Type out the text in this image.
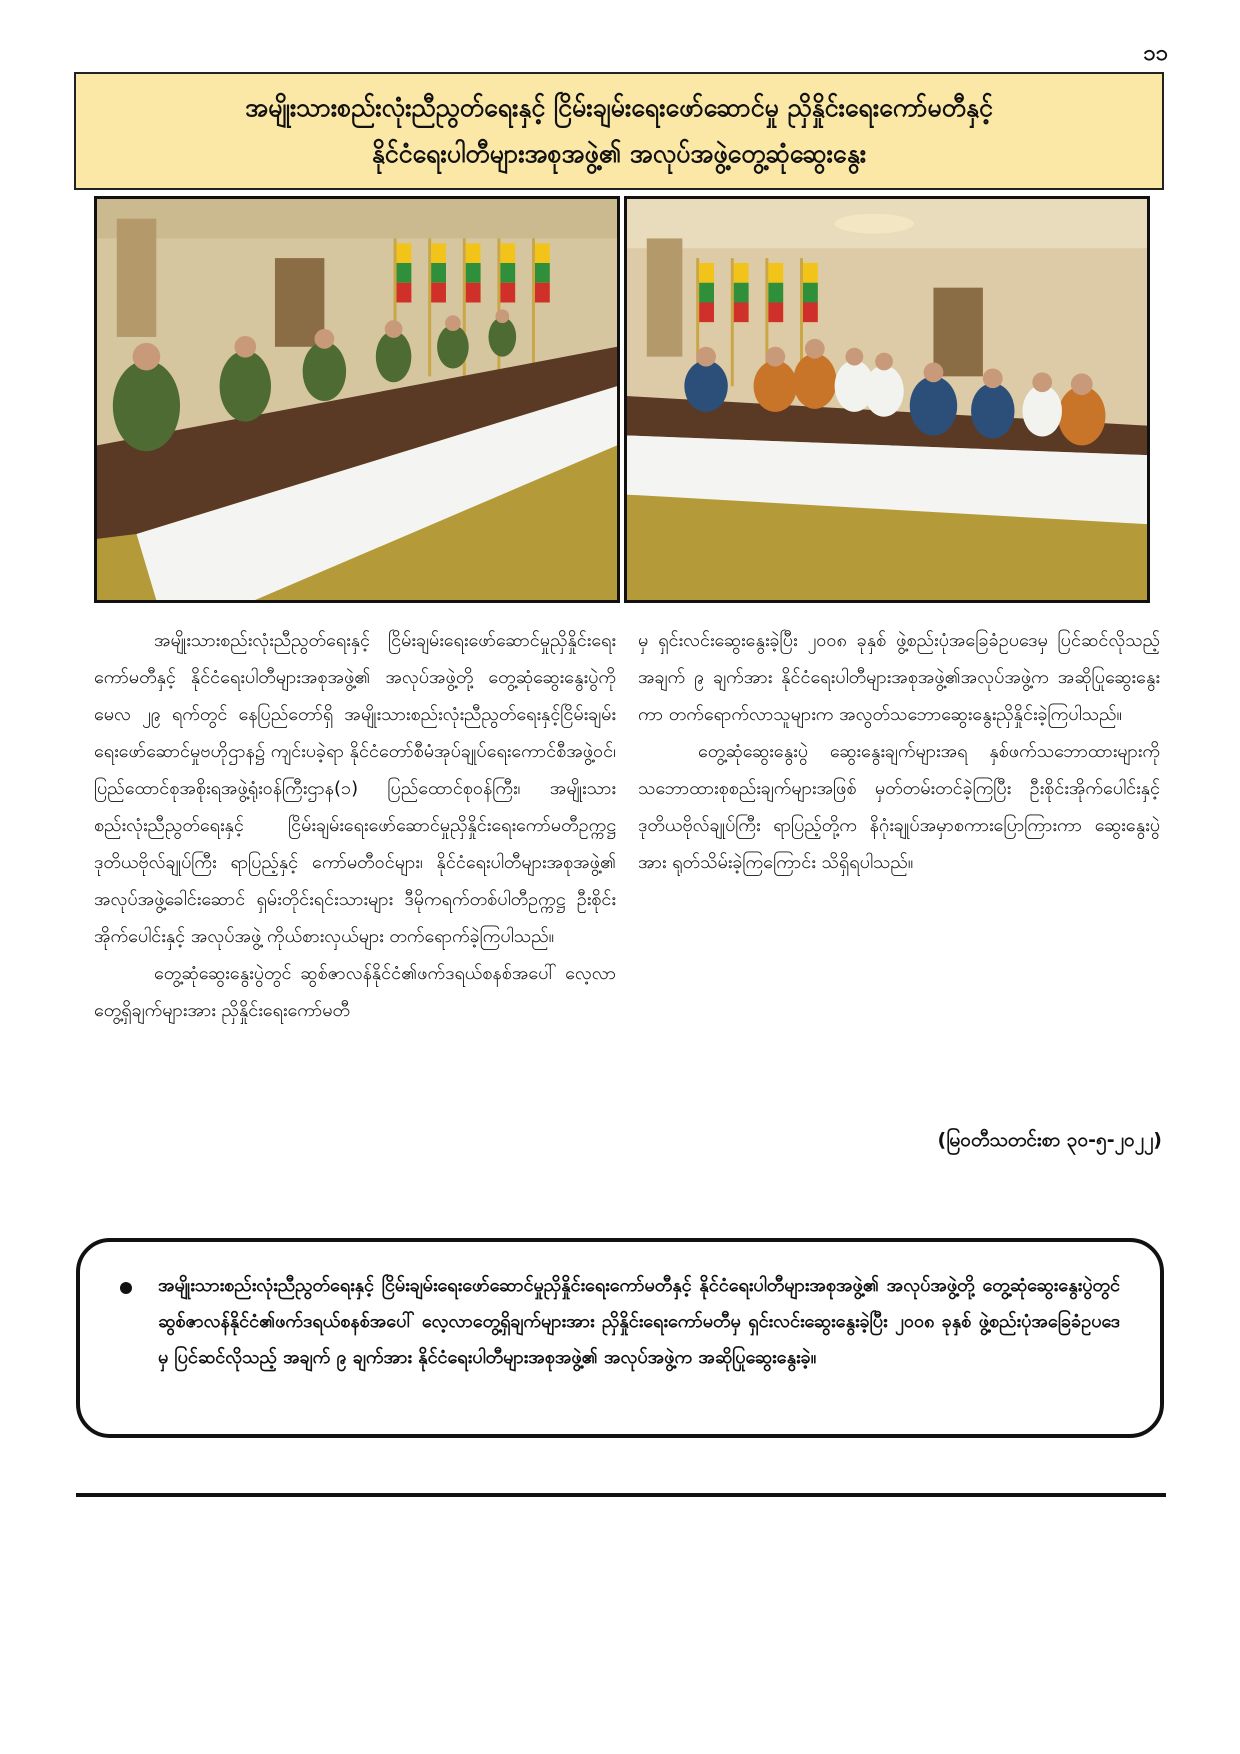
၁၁
အမျိုးသားစည်းလုံးညီညွတ်ရေးနှင့် ငြိမ်းချမ်းရေးဖော်ဆောင်မှု ညှိနှိုင်းရေးကော်မတီနှင့်
နိုင်ငံရေးပါတီများအစုအဖွဲ့၏ အလုပ်အဖွဲ့တွေ့ဆုံဆွေးနွေး

အမျိုးသားစည်းလုံးညီညွတ်ရေးနှင့် ငြိမ်းချမ်းရေးဖော်ဆောင်မှုညှိနှိုင်းရေးကော်မတီနှင့် နိုင်ငံရေးပါတီများအစုအဖွဲ့၏ အလုပ်အဖွဲ့တို့ တွေ့ဆုံဆွေးနွေးပွဲကို မေလ ၂၉ ရက်တွင် နေပြည်တော်ရှိ အမျိုးသားစည်းလုံးညီညွတ်ရေးနှင့်ငြိမ်းချမ်းရေးဖော်ဆောင်မှုဗဟိုဌာန၌ ကျင်းပခဲ့ရာ နိုင်ငံတော်စီမံအုပ်ချုပ်ရေးကောင်စီအဖွဲ့ဝင်၊ ပြည်ထောင်စုအစိုးရအဖွဲ့ရုံးဝန်ကြီးဌာန(၁) ပြည်ထောင်စုဝန်ကြီး၊ အမျိုးသားစည်းလုံးညီညွတ်ရေးနှင့် ငြိမ်းချမ်းရေးဖော်ဆောင်မှုညှိနှိုင်းရေးကော်မတီဥက္ကဋ္ဌ ဒုတိယဗိုလ်ချုပ်ကြီး ရာပြည့်နှင့် ကော်မတီဝင်များ၊ နိုင်ငံရေးပါတီများအစုအဖွဲ့၏ အလုပ်အဖွဲ့ခေါင်းဆောင် ရှမ်းတိုင်းရင်းသားများ ဒီမိုကရက်တစ်ပါတီဥက္ကဋ္ဌ ဦးစိုင်းအိုက်ပေါင်းနှင့် အလုပ်အဖွဲ့ ကိုယ်စားလှယ်များ တက်ရောက်ခဲ့ကြပါသည်။

တွေ့ဆုံဆွေးနွေးပွဲတွင် ဆွစ်ဇာလန်နိုင်ငံ၏ဖက်ဒရယ်စနစ်အပေါ် လေ့လာတွေ့ရှိချက်များအား ညှိနှိုင်းရေးကော်မတီ

မှ ရှင်းလင်းဆွေးနွေးခဲ့ပြီး ၂၀၀၈ ခုနှစ် ဖွဲ့စည်းပုံအခြေခံဥပဒေမှ ပြင်ဆင်လိုသည့် အချက် ၉ ချက်အား နိုင်ငံရေးပါတီများအစုအဖွဲ့၏အလုပ်အဖွဲ့က အဆိုပြုဆွေးနွေးကာ တက်ရောက်လာသူများက အလွတ်သဘောဆွေးနွေးညှိနှိုင်းခဲ့ကြပါသည်။

တွေ့ဆုံဆွေးနွေးပွဲ ဆွေးနွေးချက်များအရ နှစ်ဖက်သဘောထားများကို သဘောထားစုစည်းချက်များအဖြစ် မှတ်တမ်းတင်ခဲ့ကြပြီး ဦးစိုင်းအိုက်ပေါင်းနှင့် ဒုတိယဗိုလ်ချုပ်ကြီး ရာပြည့်တို့က နိဂုံးချုပ်အမှာစကားပြောကြားကာ ဆွေးနွေးပွဲအား ရုတ်သိမ်းခဲ့ကြကြောင်း သိရှိရပါသည်။

(မြဝတီသတင်းစာ ၃၀-၅-၂၀၂၂)
အမျိုးသားစည်းလုံးညီညွတ်ရေးနှင့် ငြိမ်းချမ်းရေးဖော်ဆောင်မှုညှိနှိုင်းရေးကော်မတီနှင့် နိုင်ငံရေးပါတီများအစုအဖွဲ့၏ အလုပ်အဖွဲ့တို့ တွေ့ဆုံဆွေးနွေးပွဲတွင် ဆွစ်ဇာလန်နိုင်ငံ၏ဖက်ဒရယ်စနစ်အပေါ် လေ့လာတွေ့ရှိချက်များအား ညှိနှိုင်းရေးကော်မတီမှ ရှင်းလင်းဆွေးနွေးခဲ့ပြီး ၂၀၀၈ ခုနှစ် ဖွဲ့စည်းပုံအခြေခံဥပဒေမှ ပြင်ဆင်လိုသည့် အချက် ၉ ချက်အား နိုင်ငံရေးပါတီများအစုအဖွဲ့၏ အလုပ်အဖွဲ့က အဆိုပြုဆွေးနွေးခဲ့။
